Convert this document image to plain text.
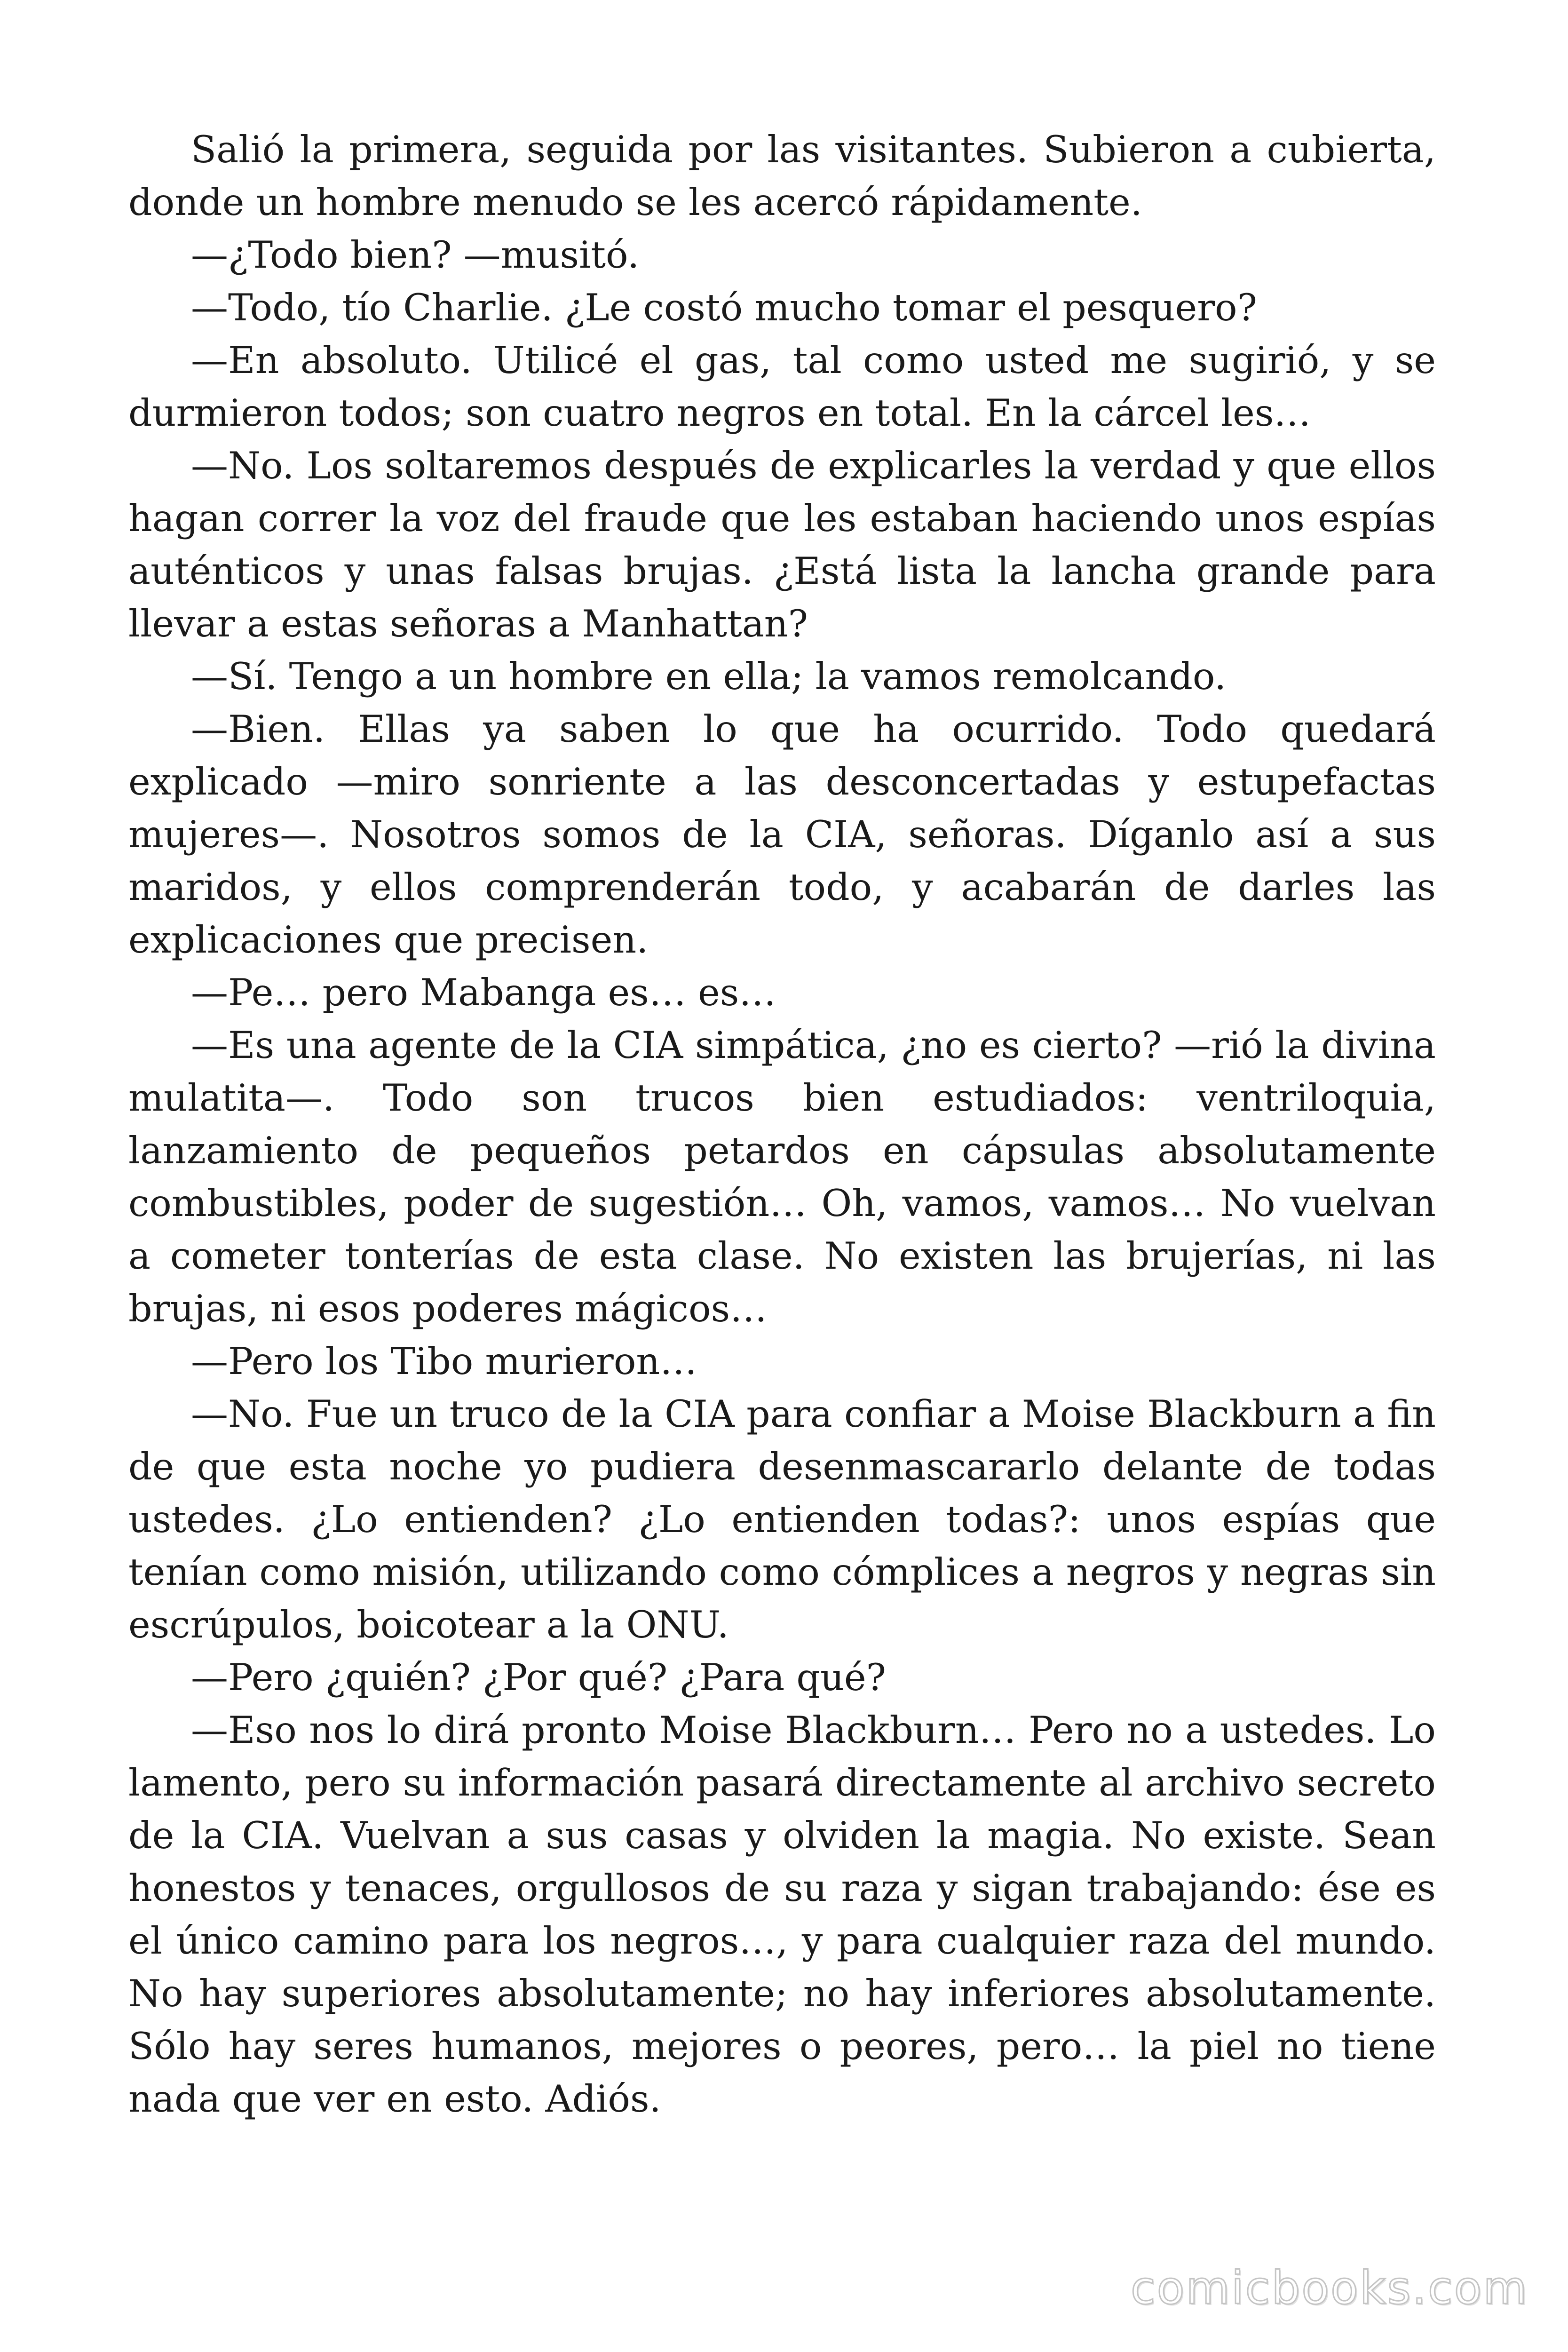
Salió la primera, seguida por las visitantes. Subieron a cubierta, donde un hombre menudo se les acercó rápidamente.

—¿Todo bien? —musitó.

—Todo, tío Charlie. ¿Le costó mucho tomar el pesquero?

—En absoluto. Utilicé el gas, tal como usted me sugirió, y se durmieron todos; son cuatro negros en total. En la cárcel les…

—No. Los soltaremos después de explicarles la verdad y que ellos hagan correr la voz del fraude que les estaban haciendo unos espías auténticos y unas falsas brujas. ¿Está lista la lancha grande para llevar a estas señoras a Manhattan?

—Sí. Tengo a un hombre en ella; la vamos remolcando.

—Bien. Ellas ya saben lo que ha ocurrido. Todo quedará explicado —miro sonriente a las desconcertadas y estupefactas mujeres—. Nosotros somos de la CIA, señoras. Díganlo así a sus maridos, y ellos comprenderán todo, y acabarán de darles las explicaciones que precisen.

—Pe… pero Mabanga es… es…

—Es una agente de la CIA simpática, ¿no es cierto? —rió la divina mulatita—. Todo son trucos bien estudiados: ventriloquia, lanzamiento de pequeños petardos en cápsulas absolutamente combustibles, poder de sugestión… Oh, vamos, vamos… No vuelvan a cometer tonterías de esta clase. No existen las brujerías, ni las brujas, ni esos poderes mágicos…

—Pero los Tibo murieron…

—No. Fue un truco de la CIA para confiar a Moise Blackburn a fin de que esta noche yo pudiera desenmascararlo delante de todas ustedes. ¿Lo entienden? ¿Lo entienden todas?: unos espías que tenían como misión, utilizando como cómplices a negros y negras sin escrúpulos, boicotear a la ONU.

—Pero ¿quién? ¿Por qué? ¿Para qué?

—Eso nos lo dirá pronto Moise Blackburn… Pero no a ustedes. Lo lamento, pero su información pasará directamente al archivo secreto de la CIA. Vuelvan a sus casas y olviden la magia. No existe. Sean honestos y tenaces, orgullosos de su raza y sigan trabajando: ése es el único camino para los negros…, y para cualquier raza del mundo. No hay superiores absolutamente; no hay inferiores absolutamente. Sólo hay seres humanos, mejores o peores, pero… la piel no tiene nada que ver en esto. Adiós.

comicbooks.com
